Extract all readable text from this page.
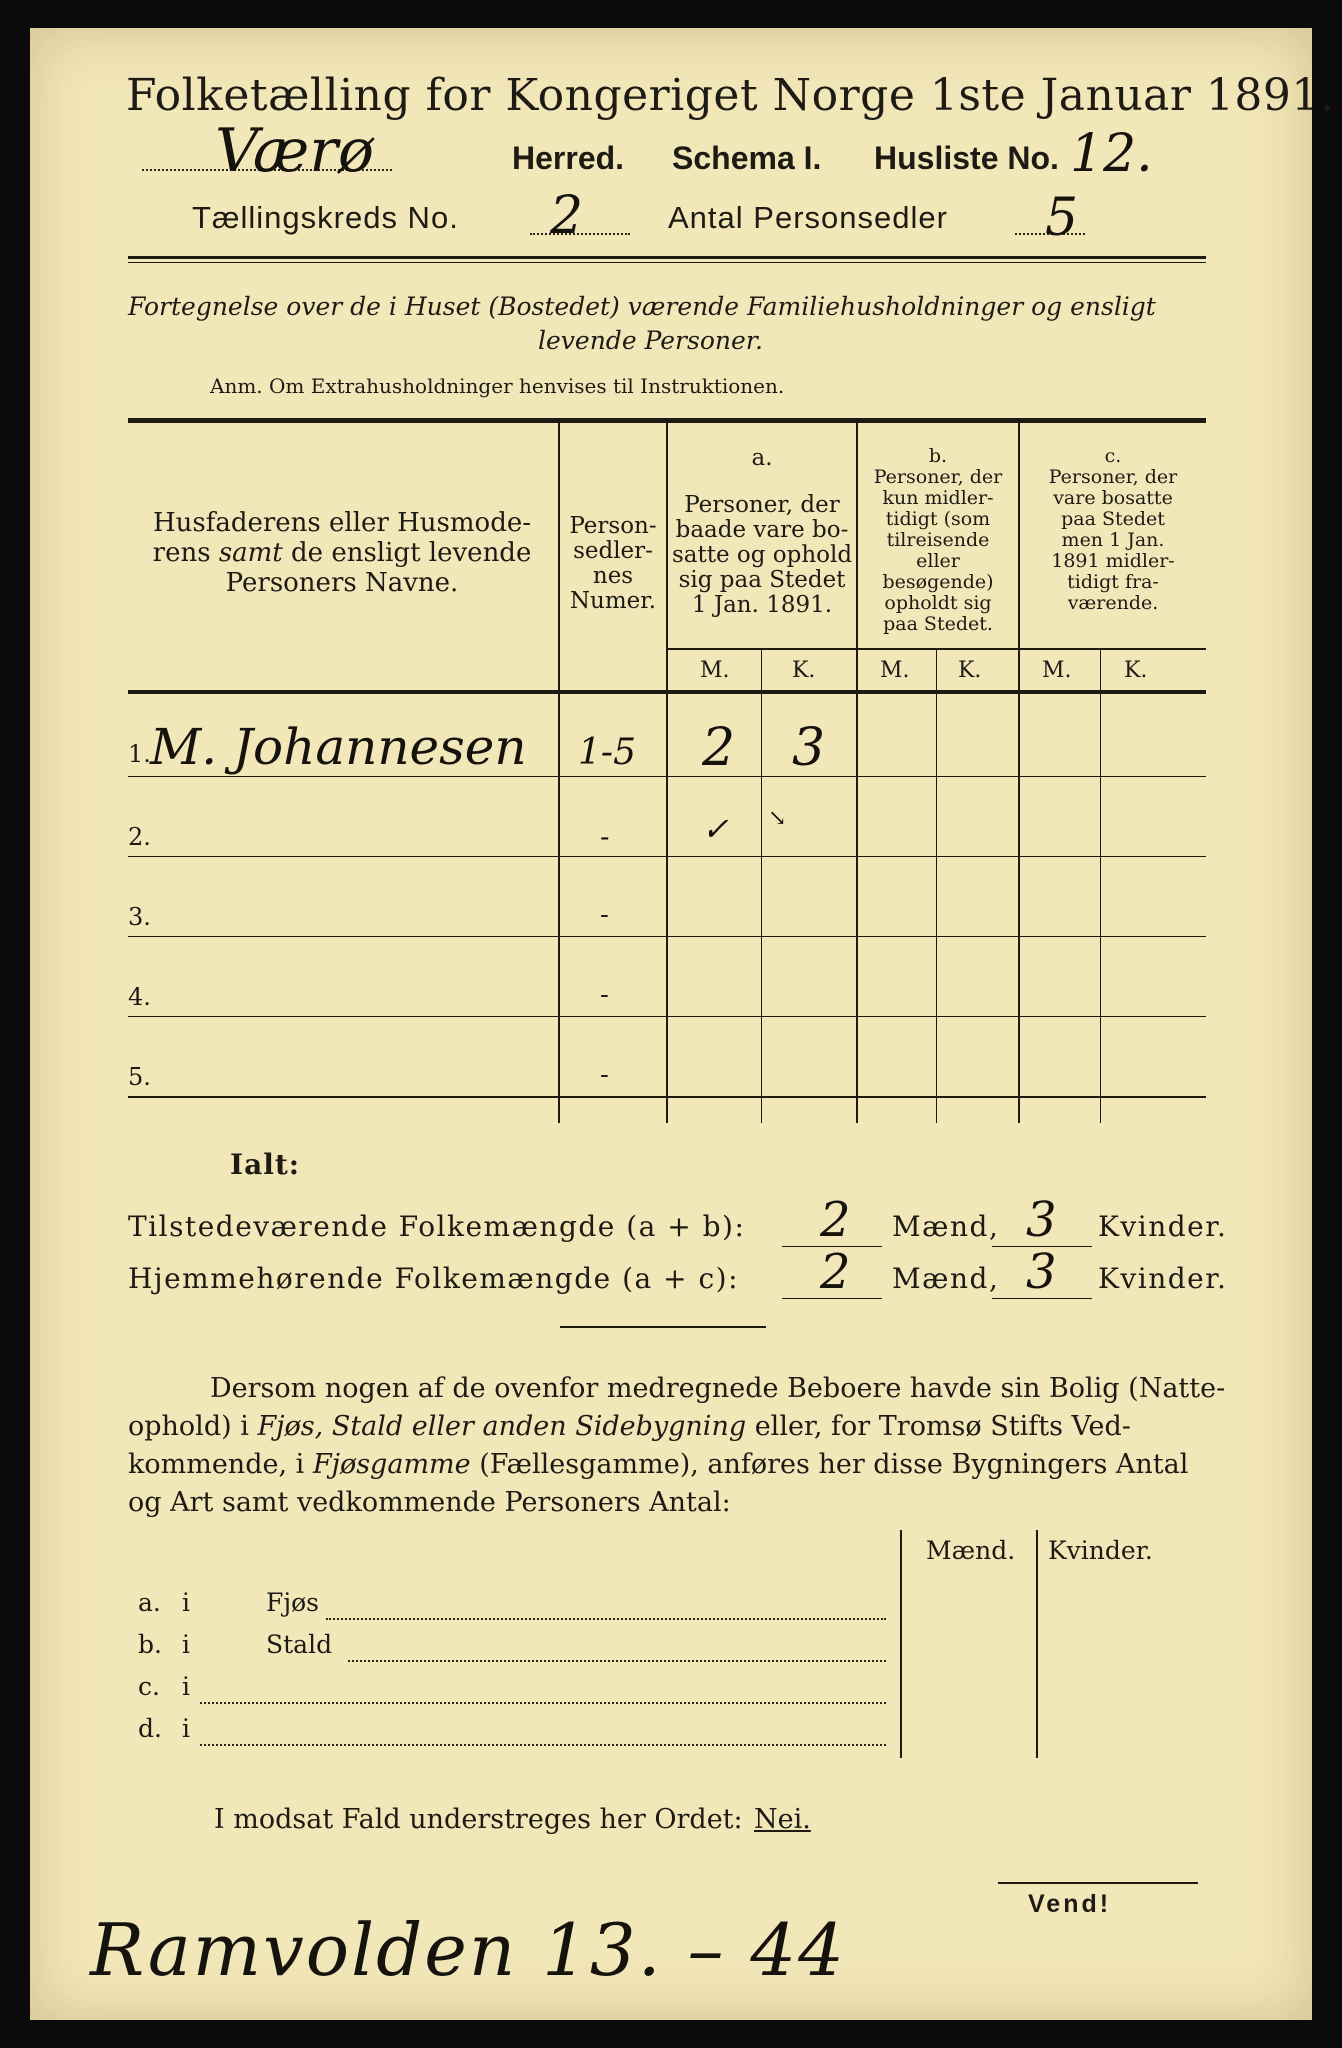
Folketælling for Kongeriget Norge 1ste Januar 1891.
Værø	Herred. Schema I. Husliste No. 12.
Tællingskreds No. 2	Antal Personsedler 5
Fortegnelse over de i Huset (Bostedet) værende Familiehusholdninger og ensligt
levende Personer.
Anm. Om Extrahusholdninger henvises til Instruktionen.
Husfaderens eller Husmode-
rens samt de ensligt levende
Personers Navne.
Person-
sedler-
nes
Numer.
a.
Personer, der
baade vare bo-
satte og ophold
sig paa Stedet
1 Jan. 1891.
b.
Personer, der
kun midler-
tidigt (som
tilreisende
eller
besøgende)
opholdt sig
paa Stedet.
c.
Personer, der
vare bosatte
paa Stedet
men 1 Jan.
1891 midler-
tidigt fra-
værende.
M.	K.	M. K.	M. K.
1. M. Johannesen 1-5 2 3
2.	-	✓ ↘
3.	-
4.	-
5.	-
Ialt:
Tilstedeværende Folkemængde (a + b): 2 Mænd, 3 Kvinder.
Hjemmehørende Folkemængde (a + c): 2 Mænd, 3 Kvinder.
Dersom nogen af de ovenfor medregnede Beboere havde sin Bolig (Natte-
ophold) i Fjøs, Stald eller anden Sidebygning eller, for Tromsø Stifts Ved-
kommende, i Fjøsgamme (Fællesgamme), anføres her disse Bygningers Antal
og Art samt vedkommende Personers Antal:
Mænd. Kvinder.
a. i	Fjøs
b. i	Stald
c. i
d. i
I modsat Fald understreges her Ordet: Nei.
Vend!
Ramvolden 13. – 44
